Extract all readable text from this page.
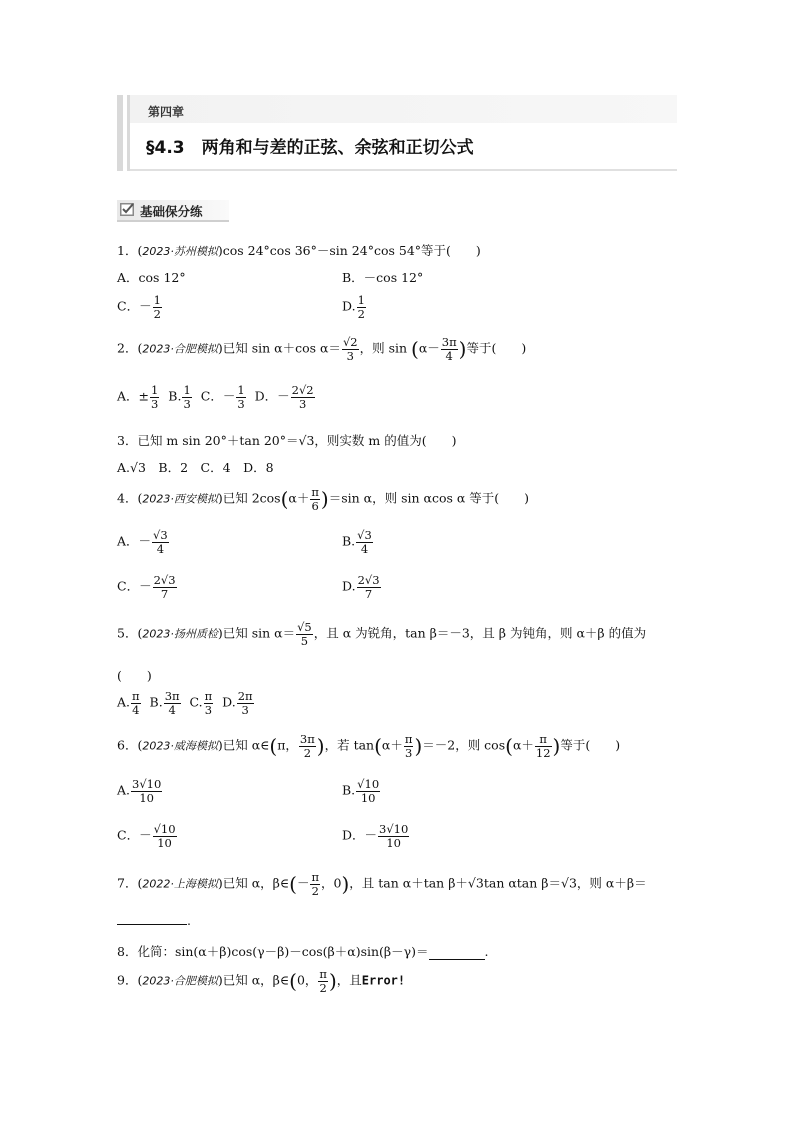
第四章
§4.3　两角和与差的正弦、余弦和正切公式
基础保分练
1．(2023·苏州模拟)cos 24°cos 36°－sin 24°cos 54°等于(　　)
A．cos 12°	B．－cos 12°
C．－ $\frac{1}{2}$	D. $\frac{1}{2}$
2．(2023·合肥模拟)已知 sin α＋cos $\alpha= \frac{√2}{3}$ ，则 $\sin (\alpha- \frac{3\pi}{4}$ )等于(　　)
A．± $\frac{1}{3} B$. $\frac{1}{3}$ C．－ $\frac{1}{3}$ D．－ $\frac{2√2}{3}$
3．已知 m sin 20°＋tan 20°＝√3，则实数 m 的值为(　　)
A.√3　B．2　C．4　D．8
4．(2023·西安模拟)已知 $2\cos(\alpha+ \frac{\pi}{6} )=\sin$ α，则 sin αcos α 等于(　　)
A．－ $\frac{√3}{4}$	B. $\frac{√3}{4}$
C．－ $\frac{2√3}{7}$	D. $\frac{2√3}{7}$
5．(2023·扬州质检)已知 $\sin \alpha= \frac{√5}{5}$ ，且 α 为锐角，tan β＝－3，且 β 为钝角，则 α＋β 的值为
(　　)
A. $\frac{\pi}{4} B$. $\frac{3\pi}{4} C$. $\frac{\pi}{3} D$. $\frac{2\pi}{3}$
6．(2023·威海模拟)已知 α∈(π， $\frac{3\pi}{2}$ )，若 $\tan(\alpha+ \frac{\pi}{3} )=-2$，则 $\cos(\alpha+ \frac{\pi}{12}$ )等于(　　)
A. $\frac{3√10}{10}$	B. $\frac{√10}{10}$
C．－ $\frac{√10}{10}$	D．－ $\frac{3√10}{10}$
7．(2022·上海模拟)已知 α，β∈(－ $\frac{\pi}{2}$ ，0)，且 tan α＋tan β＋√3tan αtan β＝√3，则 α＋β＝
.
8．化简：sin(α＋β)cos(γ－β)－cos(β＋α)sin(β－γ)＝	.
9．(2023·合肥模拟)已知 α，β∈(0， $\frac{\pi}{2}$ )，且Error!
